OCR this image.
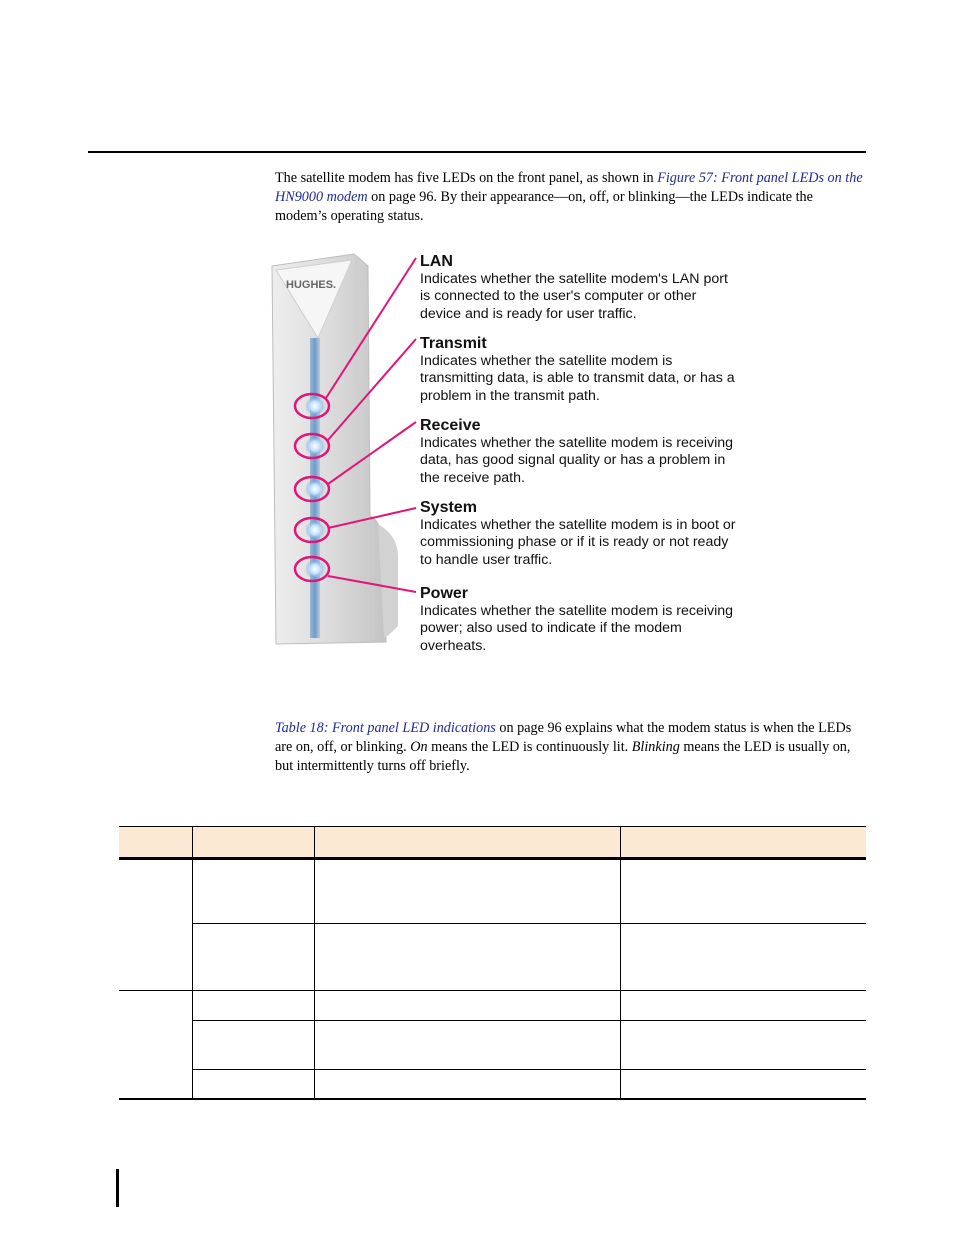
The satellite modem has five LEDs on the front panel, as shown in Figure 57: Front panel LEDs on the HN9000 modem on page 96. By their appearance—on, off, or blinking—the LEDs indicate the modem’s operating status.

HUGHES.
LAN
Indicates whether the satellite modem's LAN port is connected to the user's computer or other device and is ready for user traffic.
Transmit
Indicates whether the satellite modem is transmitting data, is able to transmit data, or has a problem in the transmit path.
Receive
Indicates whether the satellite modem is receiving data, has good signal quality or has a problem in the receive path.
System
Indicates whether the satellite modem is in boot or commissioning phase or if it is ready or not ready to handle user traffic.
Power
Indicates whether the satellite modem is receiving power; also used to indicate if the modem overheats.

Table 18: Front panel LED indications on page 96 explains what the modem status is when the LEDs are on, off, or blinking. On means the LED is continuously lit. Blinking means the LED is usually on, but intermittently turns off briefly.
